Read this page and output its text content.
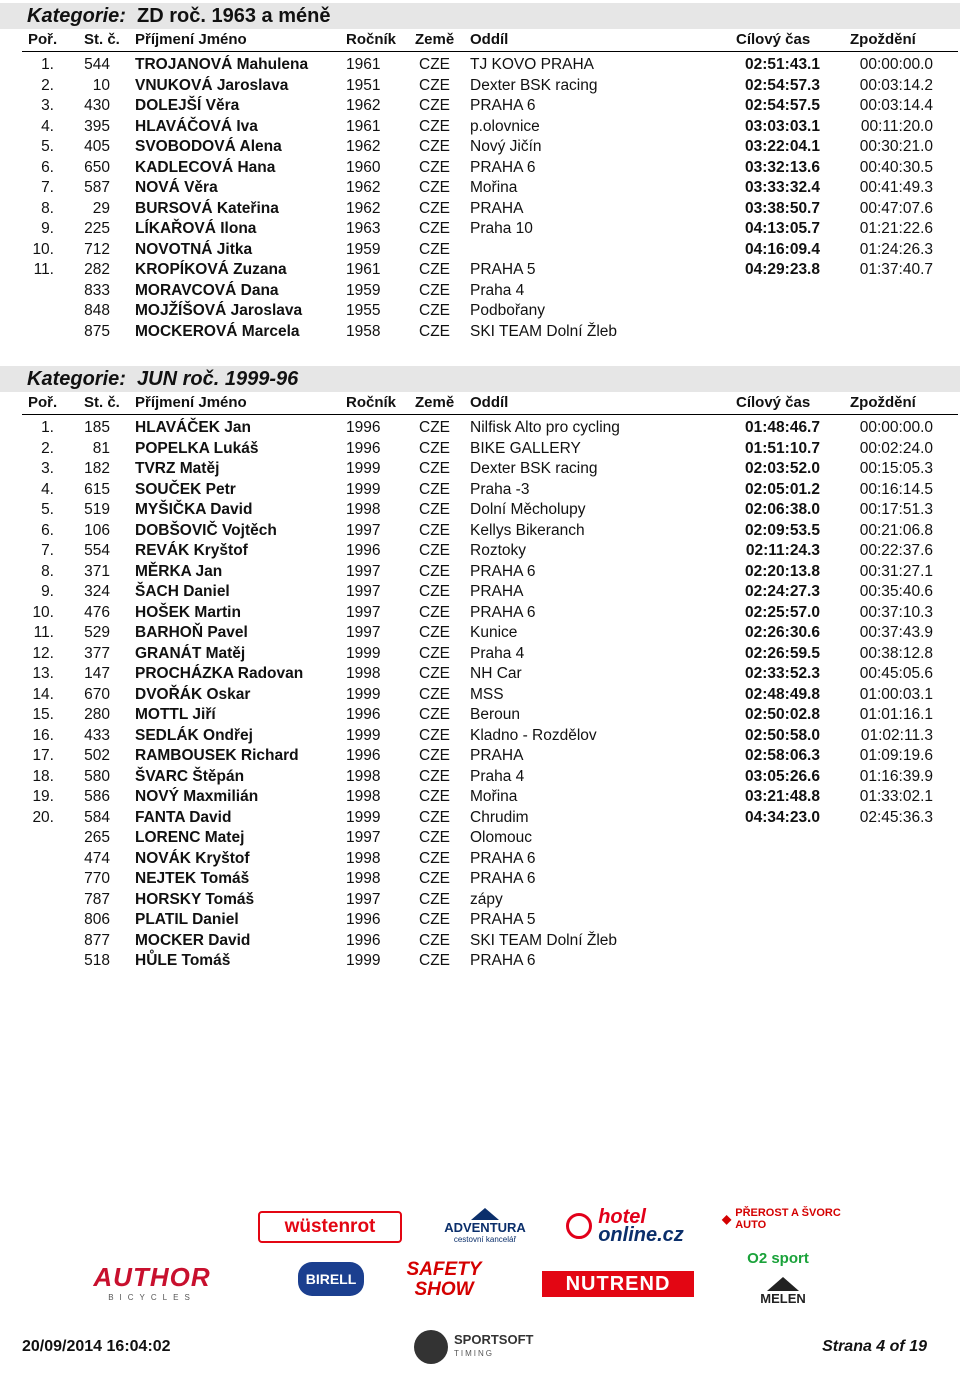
Kategorie: ZD roč. 1963 a méně
Poř. St. č. Příjmení Jméno	Ročník Země Oddíl	Cílový čas	Zpoždění
1. 544 TROJANOVÁ Mahulena 1961 CZE TJ KOVO PRAHA	02:51:43.1	00:00:00.0
2.	10 VNUKOVÁ Jaroslava	1951 CZE Dexter BSK racing	02:54:57.3	00:03:14.2
3. 430 DOLEJŠÍ Věra	1962 CZE PRAHA 6	02:54:57.5	00:03:14.4
4. 395 HLAVÁČOVÁ Iva	1961 CZE p.olovnice	03:03:03.1	00:11:20.0
5. 405 SVOBODOVÁ Alena	1962 CZE Nový Jičín	03:22:04.1	00:30:21.0
6. 650 KADLECOVÁ Hana	1960 CZE PRAHA 6	03:32:13.6	00:40:30.5
7. 587 NOVÁ Věra	1962 CZE Mořina	03:33:32.4	00:41:49.3
8.	29 BURSOVÁ Kateřina	1962 CZE PRAHA	03:38:50.7	00:47:07.6
9. 225 LÍKAŘOVÁ Ilona	1963 CZE Praha 10	04:13:05.7	01:21:22.6
10. 712 NOVOTNÁ Jitka	1959 CZE	04:16:09.4	01:24:26.3
11. 282 KROPÍKOVÁ Zuzana	1961 CZE PRAHA 5	04:29:23.8	01:37:40.7
833 MORAVCOVÁ Dana	1959 CZE Praha 4
848 MOJŽÍŠOVÁ Jaroslava	1955 CZE Podbořany
875 MOCKEROVÁ Marcela	1958 CZE SKI TEAM Dolní Žleb
Kategorie: JUN roč. 1999-96
Poř. St. č. Příjmení Jméno	Ročník Země Oddíl	Cílový čas	Zpoždění
1. 185 HLAVÁČEK Jan	1996 CZE Nilfisk Alto pro cycling	01:48:46.7	00:00:00.0
2.	81 POPELKA Lukáš	1996 CZE BIKE GALLERY	01:51:10.7	00:02:24.0
3. 182 TVRZ Matěj	1999 CZE Dexter BSK racing	02:03:52.0	00:15:05.3
4. 615 SOUČEK Petr	1999 CZE Praha -3	02:05:01.2	00:16:14.5
5. 519 MYŠIČKA David	1998 CZE Dolní Měcholupy	02:06:38.0	00:17:51.3
6. 106 DOBŠOVIČ Vojtěch	1997 CZE Kellys Bikeranch	02:09:53.5	00:21:06.8
7. 554 REVÁK Kryštof	1996 CZE Roztoky	02:11:24.3	00:22:37.6
8. 371 MĚRKA Jan	1997 CZE PRAHA 6	02:20:13.8	00:31:27.1
9. 324 ŠACH Daniel	1997 CZE PRAHA	02:24:27.3	00:35:40.6
10. 476 HOŠEK Martin	1997 CZE PRAHA 6	02:25:57.0	00:37:10.3
11. 529 BARHOŇ Pavel	1997 CZE Kunice	02:26:30.6	00:37:43.9
12. 377 GRANÁT Matěj	1999 CZE Praha 4	02:26:59.5	00:38:12.8
13. 147 PROCHÁZKA Radovan	1998 CZE NH Car	02:33:52.3	00:45:05.6
14. 670 DVOŘÁK Oskar	1999 CZE MSS	02:48:49.8	01:00:03.1
15. 280 MOTTL Jiří	1996 CZE Beroun	02:50:02.8	01:01:16.1
16. 433 SEDLÁK Ondřej	1999 CZE Kladno - Rozdělov	02:50:58.0	01:02:11.3
17. 502 RAMBOUSEK Richard	1996 CZE PRAHA	02:58:06.3	01:09:19.6
18. 580 ŠVARC Štěpán	1998 CZE Praha 4	03:05:26.6	01:16:39.9
19. 586 NOVÝ Maxmilián	1998 CZE Mořina	03:21:48.8	01:33:02.1
20. 584 FANTA David	1999 CZE Chrudim	04:34:23.0	02:45:36.3
265 LORENC Matej	1997 CZE Olomouc
474 NOVÁK Kryštof	1998 CZE PRAHA 6
770 NEJTEK Tomáš	1998 CZE PRAHA 6
787 HORSKY Tomáš	1997 CZE zápy
806 PLATIL Daniel	1996 CZE PRAHA 5
877 MOCKER David	1996 CZE SKI TEAM Dolní Žleb
518 HŮLE Tomáš	1999 CZE PRAHA 6
wüstenrot	ADVENTURA
cestovní kancelář
hotel
online.cz
◆ PŘEROST A ŠVORC AUTO
AUTHOR
BICYCLES
BIRELL	SAFETY
SHOW	NUTREND
O2 sport
MELEN
20/09/2014 16:04:02	SPORTSOFT
TIMING	Strana 4 of 19
